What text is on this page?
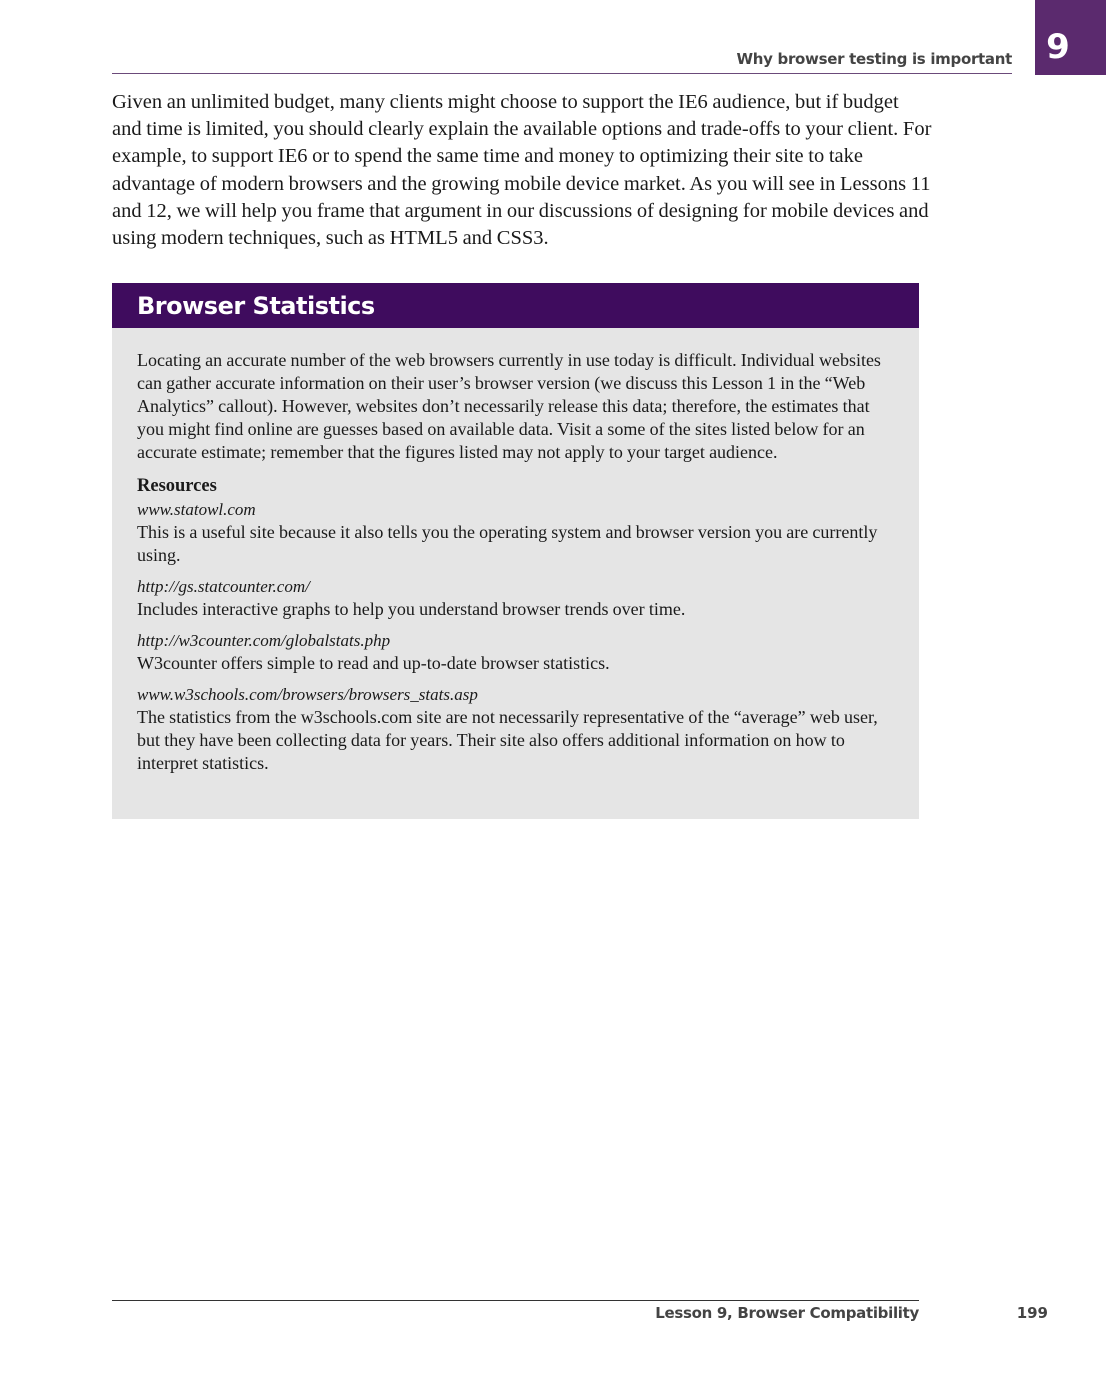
9
Why browser testing is important

Given an unlimited budget, many clients might choose to support the IE6 audience, but if budget and time is limited, you should clearly explain the available options and trade-offs to your client. For example, to support IE6 or to spend the same time and money to optimizing their site to take advantage of modern browsers and the growing mobile device market. As you will see in Lessons 11 and 12, we will help you frame that argument in our discussions of designing for mobile devices and using modern techniques, such as HTML5 and CSS3.

Browser Statistics

Locating an accurate number of the web browsers currently in use today is difficult. Individual websites can gather accurate information on their user’s browser version (we discuss this Lesson 1 in the “Web Analytics” callout). However, websites don’t necessarily release this data; therefore, the estimates that you might find online are guesses based on available data. Visit a some of the sites listed below for an accurate estimate; remember that the figures listed may not apply to your target audience.

Resources

www.statowl.com
This is a useful site because it also tells you the operating system and browser version you are currently using.
http://gs.statcounter.com/
Includes interactive graphs to help you understand browser trends over time.
http://w3counter.com/globalstats.php
W3counter offers simple to read and up-to-date browser statistics.
www.w3schools.com/browsers/browsers_stats.asp
The statistics from the w3schools.com site are not necessarily representative of the “average” web user, but they have been collecting data for years. Their site also offers additional information on how to interpret statistics.
Lesson 9, Browser Compatibility	199
